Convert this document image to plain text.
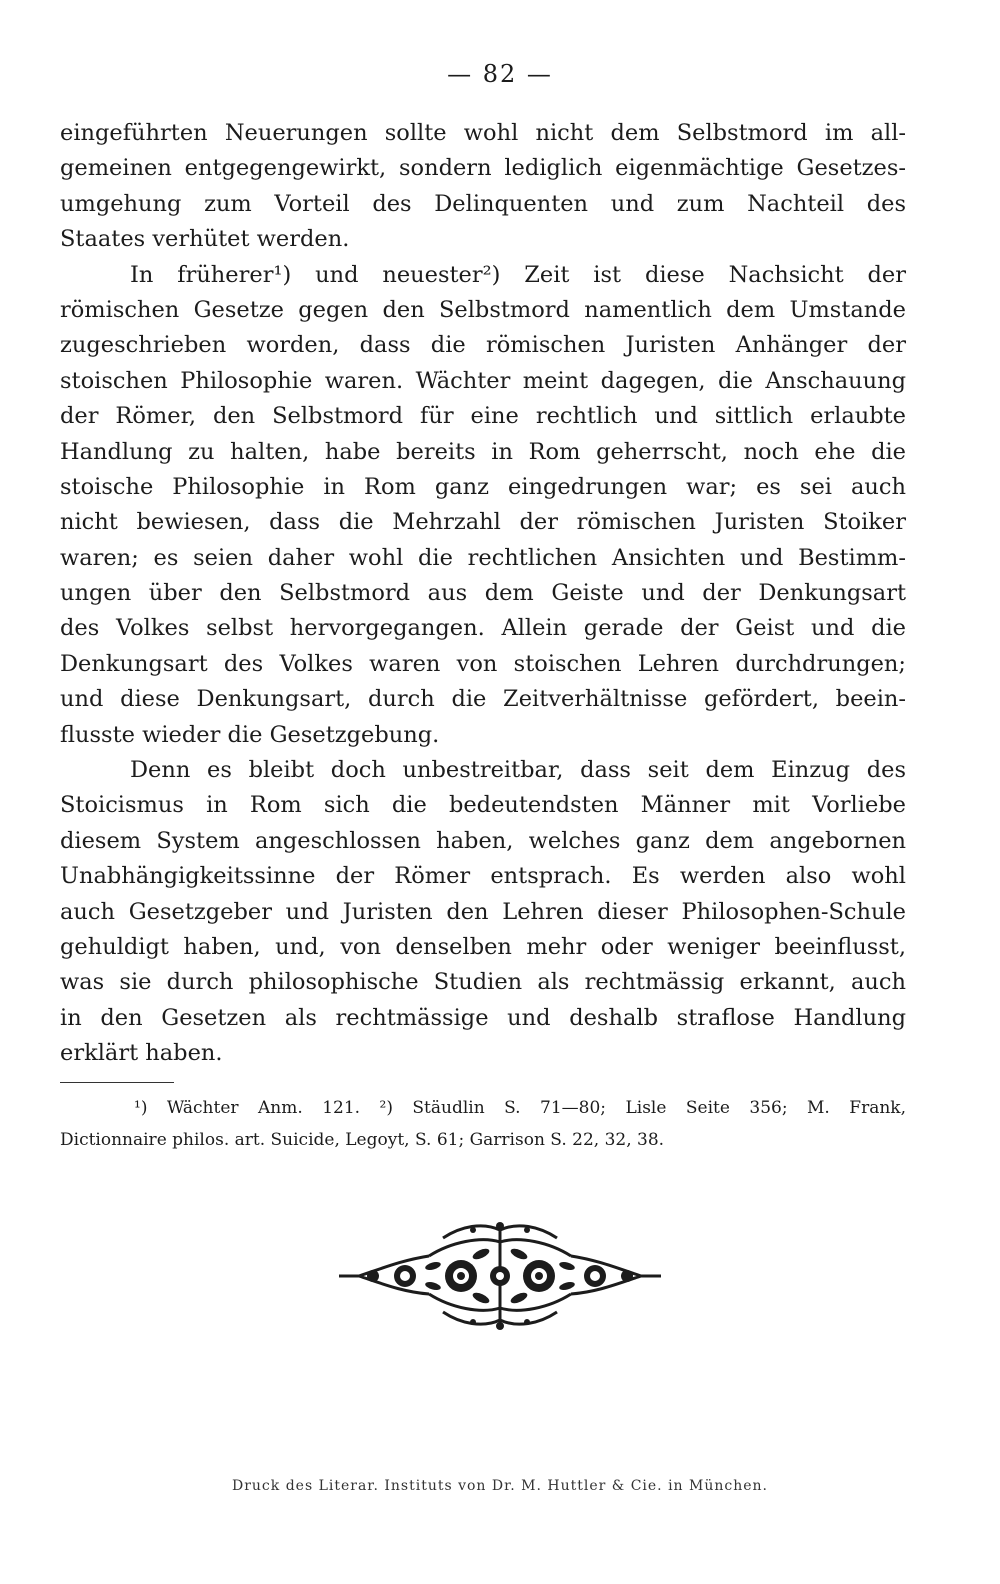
— 82 —
eingeführten Neuerungen sollte wohl nicht dem Selbstmord im all-
gemeinen entgegengewirkt, sondern lediglich eigenmächtige Gesetzes-
umgehung zum Vorteil des Delinquenten und zum Nachteil des
Staates verhütet werden.
In früherer¹) und neuester²) Zeit ist diese Nachsicht der
römischen Gesetze gegen den Selbstmord namentlich dem Umstande
zugeschrieben worden, dass die römischen Juristen Anhänger der
stoischen Philosophie waren. Wächter meint dagegen, die Anschauung
der Römer, den Selbstmord für eine rechtlich und sittlich erlaubte
Handlung zu halten, habe bereits in Rom geherrscht, noch ehe die
stoische Philosophie in Rom ganz eingedrungen war; es sei auch
nicht bewiesen, dass die Mehrzahl der römischen Juristen Stoiker
waren; es seien daher wohl die rechtlichen Ansichten und Bestimm-
ungen über den Selbstmord aus dem Geiste und der Denkungsart
des Volkes selbst hervorgegangen. Allein gerade der Geist und die
Denkungsart des Volkes waren von stoischen Lehren durchdrungen;
und diese Denkungsart, durch die Zeitverhältnisse gefördert, beein-
flusste wieder die Gesetzgebung.
Denn es bleibt doch unbestreitbar, dass seit dem Einzug des
Stoicismus in Rom sich die bedeutendsten Männer mit Vorliebe
diesem System angeschlossen haben, welches ganz dem angebornen
Unabhängigkeitssinne der Römer entsprach. Es werden also wohl
auch Gesetzgeber und Juristen den Lehren dieser Philosophen-Schule
gehuldigt haben, und, von denselben mehr oder weniger beeinflusst,
was sie durch philosophische Studien als rechtmässig erkannt, auch
in den Gesetzen als rechtmässige und deshalb straflose Handlung
erklärt haben.
¹) Wächter Anm. 121. ²) Stäudlin S. 71—80; Lisle Seite 356; M. Frank,
Dictionnaire philos. art. Suicide, Legoyt, S. 61; Garrison S. 22, 32, 38.
Druck des Literar. Instituts von Dr. M. Huttler & Cie. in München.
